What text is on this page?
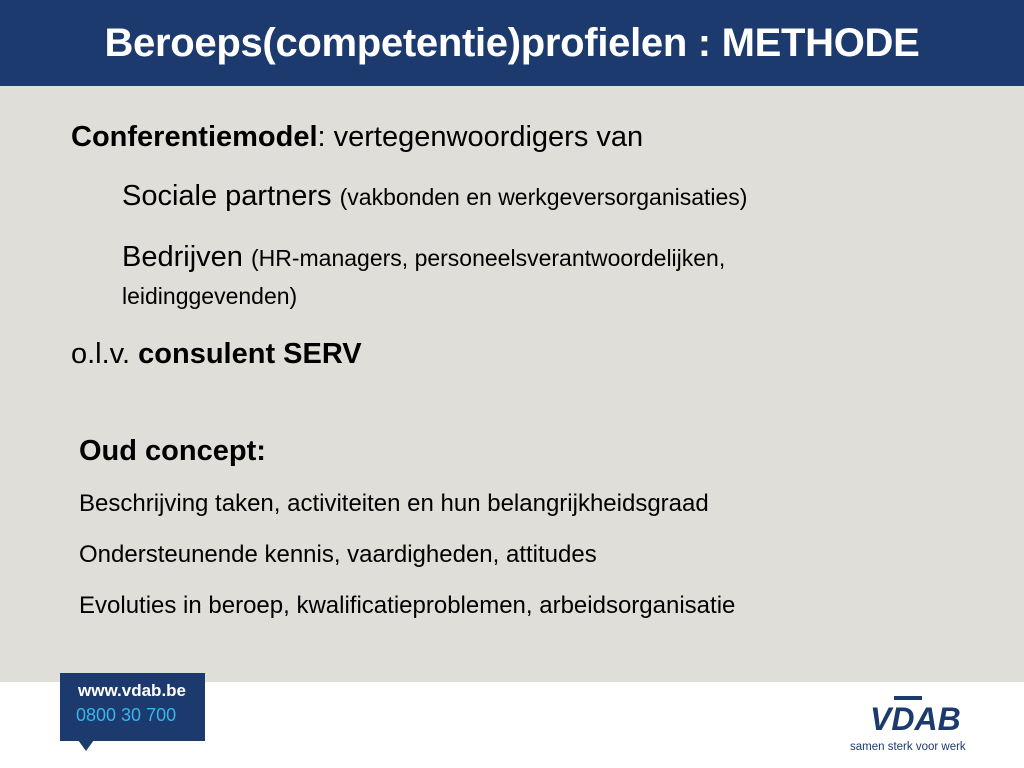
Beroeps(competentie)profielen : METHODE
Conferentiemodel: vertegenwoordigers van
Sociale partners (vakbonden en werkgeversorganisaties)
Bedrijven (HR-managers, personeelsverantwoordelijken,
leidinggevenden)
o.l.v. consulent SERV
Oud concept:
Beschrijving taken, activiteiten en hun belangrijkheidsgraad
Ondersteunende kennis, vaardigheden, attitudes
Evoluties in beroep, kwalificatieproblemen, arbeidsorganisatie
www.vdab.be
0800 30 700	VDAB
samen sterk voor werk
